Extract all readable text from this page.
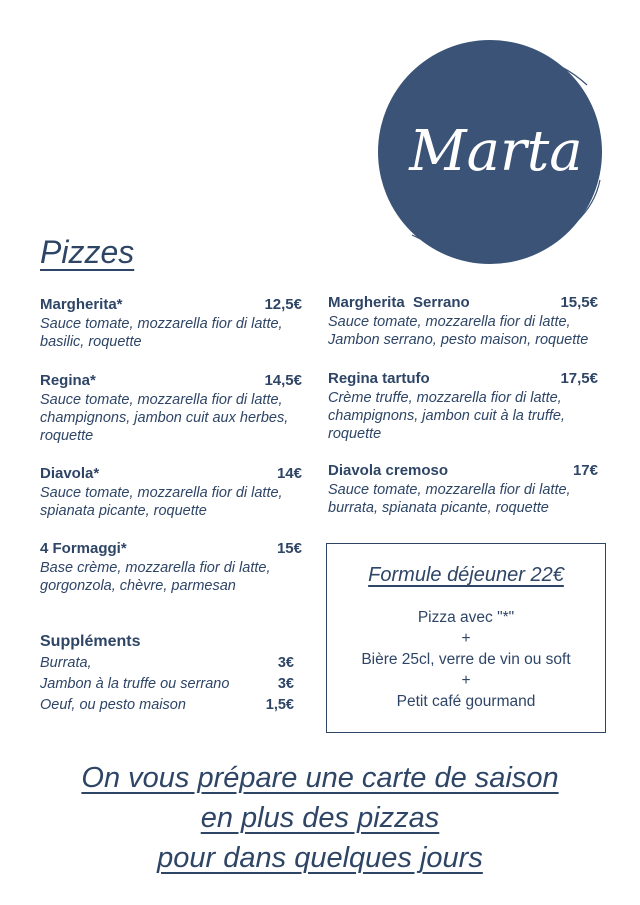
Marta
Pizzes
Margherita*	12,5€
Sauce tomate, mozzarella fior di latte, basilic, roquette
Regina*	14,5€
Sauce tomate, mozzarella fior di latte, champignons, jambon cuit aux herbes, roquette
Diavola*	14€
Sauce tomate, mozzarella fior di latte, spianata picante, roquette
4 Formaggi*	15€
Base crème, mozzarella fior di latte, gorgonzola, chèvre, parmesan
Margherita  Serrano	15,5€
Sauce tomate, mozzarella fior di latte, Jambon serrano, pesto maison, roquette
Regina tartufo	17,5€
Crème truffe, mozzarella fior di latte, champignons, jambon cuit à la truffe, roquette
Diavola cremoso	17€
Sauce tomate, mozzarella fior di latte, burrata, spianata picante, roquette
Suppléments
Burrata,	3€
Jambon à la truffe ou serrano	3€
Oeuf, ou pesto maison	1,5€
Formule déjeuner 22€
Pizza avec "*"
+
Bière 25cl, verre de vin ou soft
+
Petit café gourmand
On vous prépare une carte de saison
en plus des pizzas
pour dans quelques jours
